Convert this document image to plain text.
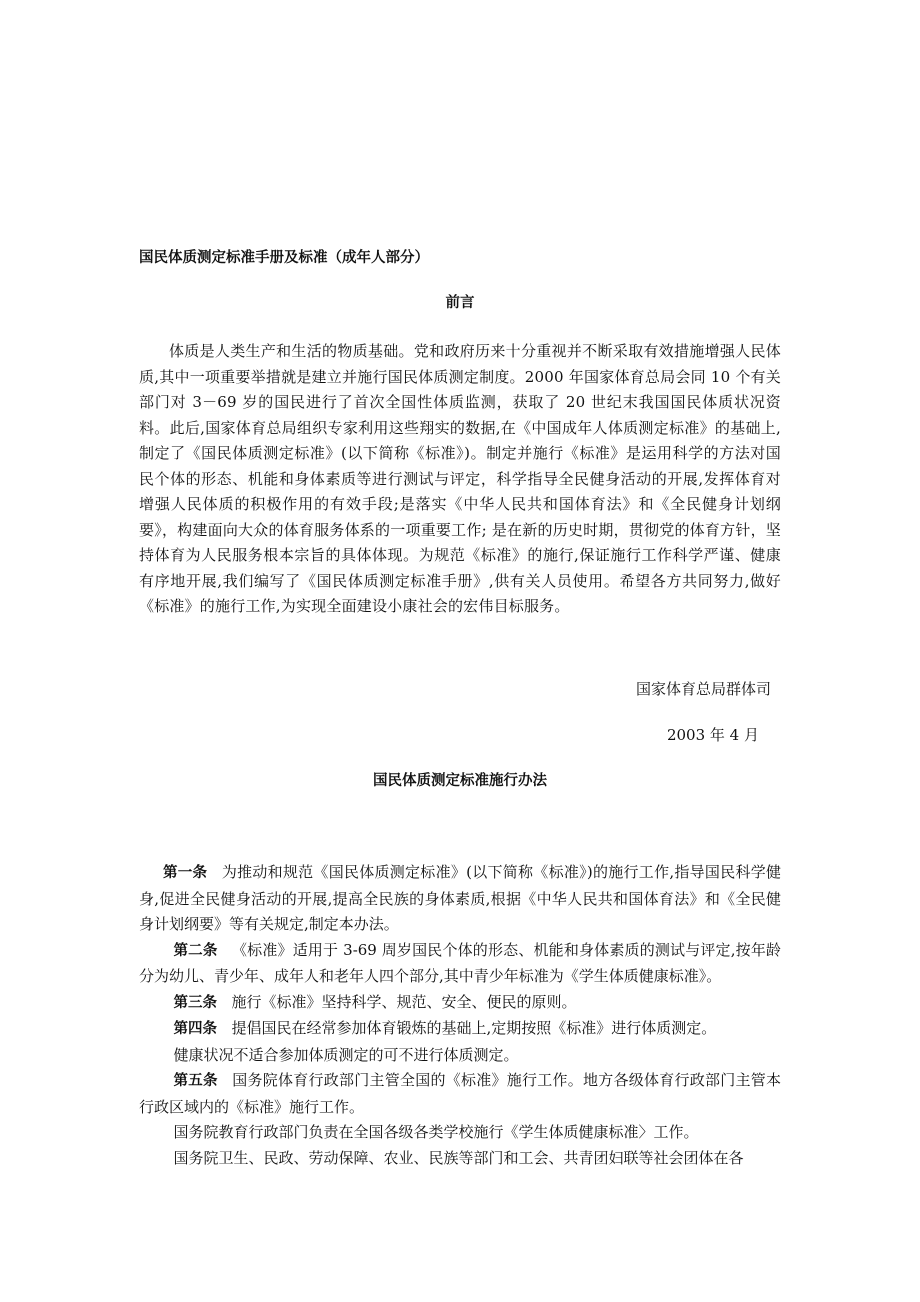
国民体质测定标准手册及标准（成年人部分）
前言
体质是人类生产和生活的物质基础。党和政府历来十分重视并不断采取有效措施增强人民体质,其中一项重要举措就是建立并施行国民体质测定制度。2000 年国家体育总局会同 10 个有关部门对 3－69 岁的国民进行了首次全国性体质监测，获取了 20 世纪末我国国民体质状况资料。此后,国家体育总局组织专家利用这些翔实的数据,在《中国成年人体质测定标准》的基础上,制定了《国民体质测定标准》(以下简称《标准》)。制定并施行《标准》是运用科学的方法对国民个体的形态、机能和身体素质等进行测试与评定，科学指导全民健身活动的开展,发挥体育对增强人民体质的积极作用的有效手段;是落实《中华人民共和国体育法》和《全民健身计划纲要》，构建面向大众的体育服务体系的一项重要工作; 是在新的历史时期，贯彻党的体育方针，坚持体育为人民服务根本宗旨的具体体现。为规范《标准》的施行,保证施行工作科学严谨、健康有序地开展,我们编写了《国民体质测定标准手册》,供有关人员使用。希望各方共同努力,做好《标准》的施行工作,为实现全面建设小康社会的宏伟目标服务。
国家体育总局群体司
2003 年 4 月
国民体质测定标准施行办法

第一条 为推动和规范《国民体质测定标准》(以下简称《标准》)的施行工作,指导国民科学健身,促进全民健身活动的开展,提高全民族的身体素质,根据《中华人民共和国体育法》和《全民健身计划纲要》等有关规定,制定本办法。

第二条 《标准》适用于 3-69 周岁国民个体的形态、机能和身体素质的测试与评定,按年龄分为幼儿、青少年、成年人和老年人四个部分,其中青少年标准为《学生体质健康标准》。

第三条 施行《标准》坚持科学、规范、安全、便民的原则。

第四条 提倡国民在经常参加体育锻炼的基础上,定期按照《标准》进行体质测定。

健康状况不适合参加体质测定的可不进行体质测定。

第五条 国务院体育行政部门主管全国的《标准》施行工作。地方各级体育行政部门主管本行政区域内的《标准》施行工作。

国务院教育行政部门负责在全国各级各类学校施行《学生体质健康标准〉工作。

国务院卫生、民政、劳动保障、农业、民族等部门和工会、共青团妇联等社会团体在各
